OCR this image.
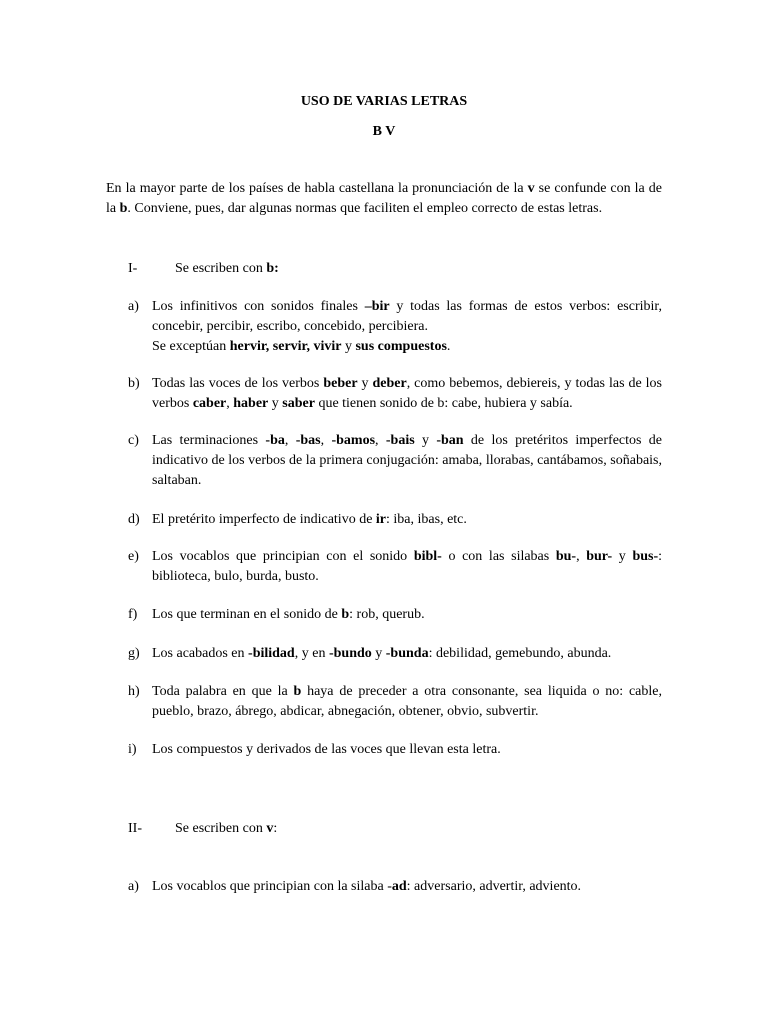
USO DE VARIAS LETRAS
B V
En la mayor parte de los países de habla castellana la pronunciación de la v se confunde con la de la b. Conviene, pues, dar algunas normas que faciliten el empleo correcto de estas letras.
I-	Se escriben con b:
a) Los infinitivos con sonidos finales –bir y todas las formas de estos verbos: escribir, concebir, percibir, escribo, concebido, percibiera.

Se exceptúan hervir, servir, vivir y sus compuestos.

b) Todas las voces de los verbos beber y deber, como bebemos, debiereis, y todas las de los verbos caber, haber y saber que tienen sonido de b: cabe, hubiera y sabía.
c) Las terminaciones -ba, -bas, -bamos, -bais y -ban de los pretéritos imperfectos de indicativo de los verbos de la primera conjugación: amaba, llorabas, cantábamos, soñabais, saltaban.
d) El pretérito imperfecto de indicativo de ir: iba, ibas, etc.
e) Los vocablos que principian con el sonido bibl- o con las silabas bu-, bur- y bus-: biblioteca, bulo, burda, busto.
f)	Los que terminan en el sonido de b: rob, querub.
g) Los acabados en -bilidad, y en -bundo y -bunda: debilidad, gemebundo, abunda.
h) Toda palabra en que la b haya de preceder a otra consonante, sea liquida o no: cable, pueblo, brazo, ábrego, abdicar, abnegación, obtener, obvio, subvertir.
i)	Los compuestos y derivados de las voces que llevan esta letra.
II- Se escriben con v:
a) Los vocablos que principian con la silaba -ad: adversario, advertir, adviento.
